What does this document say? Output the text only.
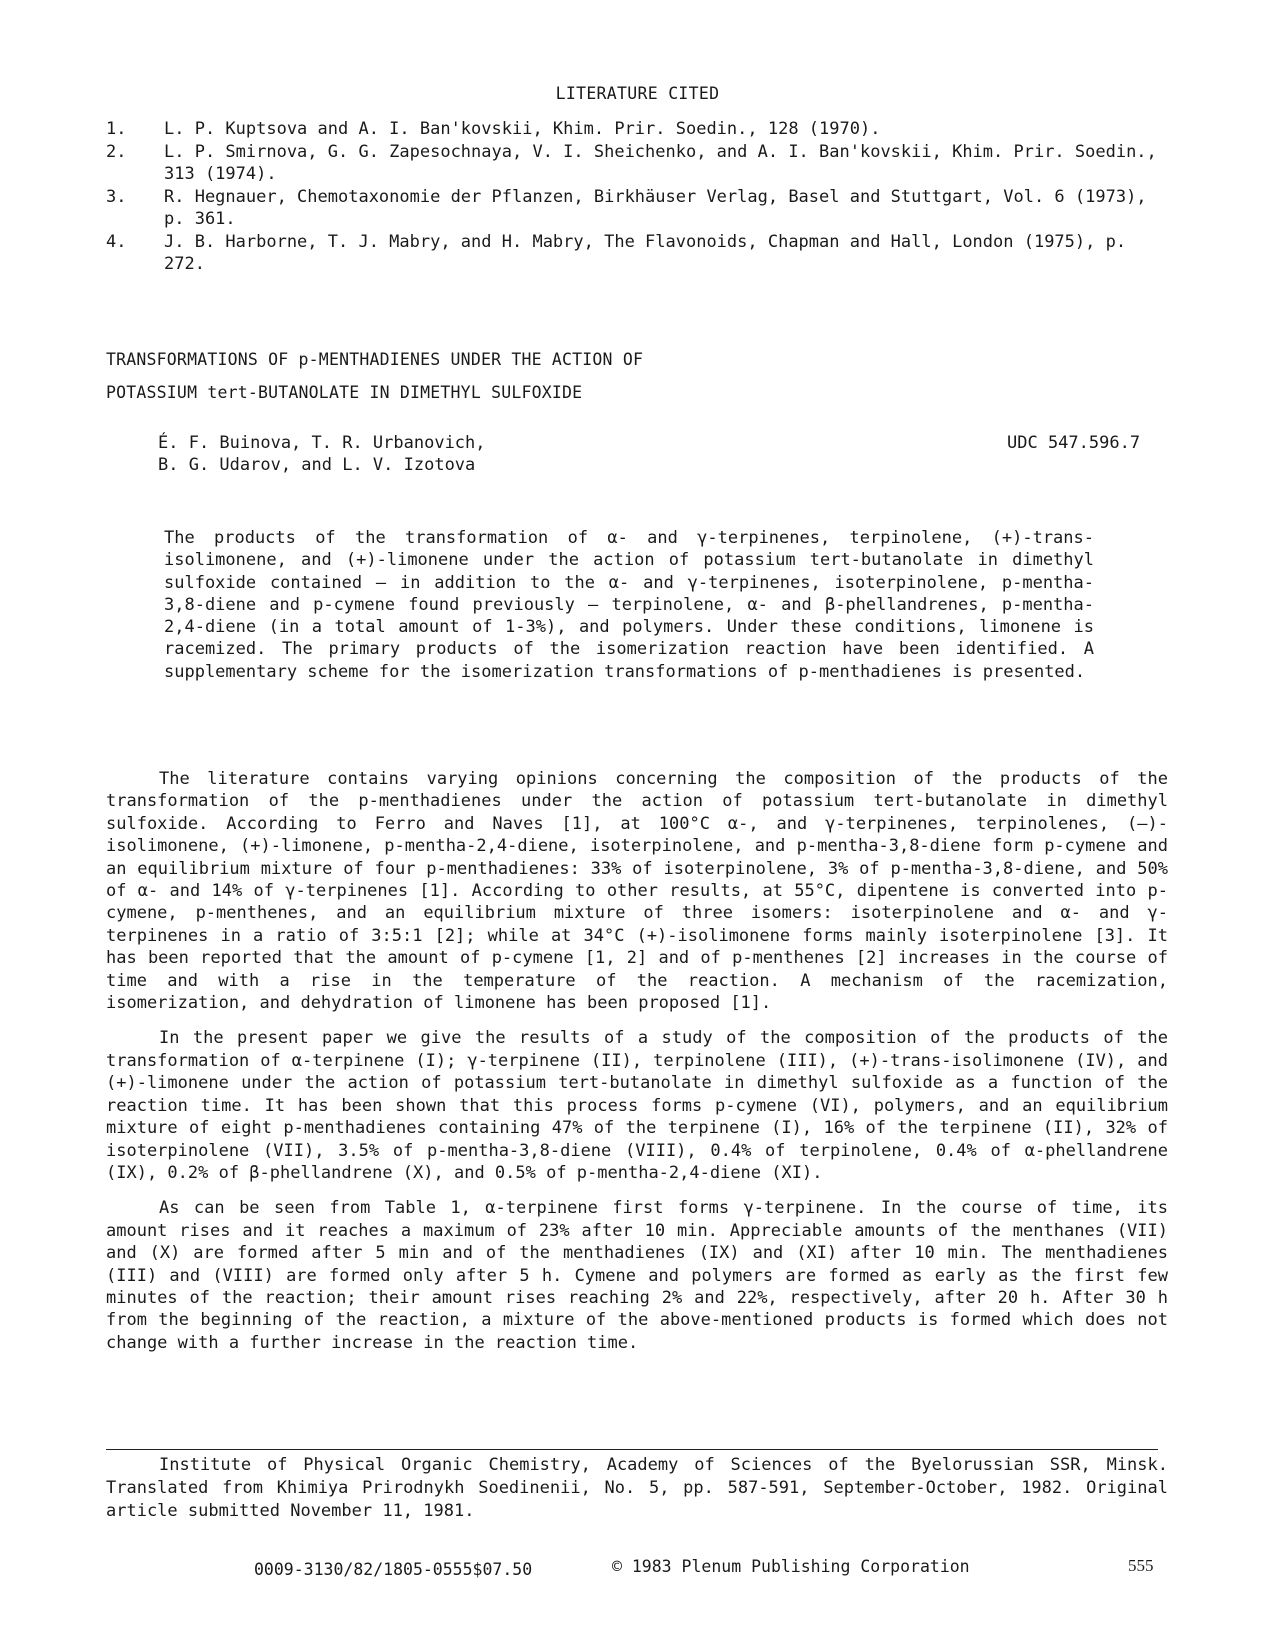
LITERATURE CITED
1. L. P. Kuptsova and A. I. Ban'kovskii, Khim. Prir. Soedin., 128 (1970).
2. L. P. Smirnova, G. G. Zapesochnaya, V. I. Sheichenko, and A. I. Ban'kovskii, Khim. Prir. Soedin., 313 (1974).
3. R. Hegnauer, Chemotaxonomie der Pflanzen, Birkhäuser Verlag, Basel and Stuttgart, Vol. 6 (1973), p. 361.
4. J. B. Harborne, T. J. Mabry, and H. Mabry, The Flavonoids, Chapman and Hall, London (1975), p. 272.
TRANSFORMATIONS OF p-MENTHADIENES UNDER THE ACTION OF
POTASSIUM tert-BUTANOLATE IN DIMETHYL SULFOXIDE
É. F. Buinova, T. R. Urbanovich,
B. G. Udarov, and L. V. Izotova
UDC 547.596.7
The products of the transformation of α- and γ-terpinenes, terpinolene, (+)-trans-isolimonene, and (+)-limonene under the action of potassium tert-butanolate in dimethyl sulfoxide contained — in addition to the α- and γ-terpinenes, isoterpinolene, p-mentha-3,8-diene and p-cymene found previously — terpinolene, α- and β-phellandrenes, p-mentha-2,4-diene (in a total amount of 1-3%), and polymers. Under these conditions, limonene is racemized. The primary products of the isomerization reaction have been identified. A supplementary scheme for the isomerization transformations of p-menthadienes is presented.

The literature contains varying opinions concerning the composition of the products of the transformation of the p-menthadienes under the action of potassium tert-butanolate in dimethyl sulfoxide. According to Ferro and Naves [1], at 100°C α-, and γ-terpinenes, terpinolenes, (—)-isolimonene, (+)-limonene, p-mentha-2,4-diene, isoterpinolene, and p-mentha-3,8-diene form p-cymene and an equilibrium mixture of four p-menthadienes: 33% of isoterpinolene, 3% of p-mentha-3,8-diene, and 50% of α- and 14% of γ-terpinenes [1]. According to other results, at 55°C, dipentene is converted into p-cymene, p-menthenes, and an equilibrium mixture of three isomers: isoterpinolene and α- and γ-terpinenes in a ratio of 3:5:1 [2]; while at 34°C (+)-isolimonene forms mainly isoterpinolene [3]. It has been reported that the amount of p-cymene [1, 2] and of p-menthenes [2] increases in the course of time and with a rise in the temperature of the reaction. A mechanism of the racemization, isomerization, and dehydration of limonene has been proposed [1].

In the present paper we give the results of a study of the composition of the products of the transformation of α-terpinene (I); γ-terpinene (II), terpinolene (III), (+)-trans-isolimonene (IV), and (+)-limonene under the action of potassium tert-butanolate in dimethyl sulfoxide as a function of the reaction time. It has been shown that this process forms p-cymene (VI), polymers, and an equilibrium mixture of eight p-menthadienes containing 47% of the terpinene (I), 16% of the terpinene (II), 32% of isoterpinolene (VII), 3.5% of p-mentha-3,8-diene (VIII), 0.4% of terpinolene, 0.4% of α-phellandrene (IX), 0.2% of β-phellandrene (X), and 0.5% of p-mentha-2,4-diene (XI).

As can be seen from Table 1, α-terpinene first forms γ-terpinene. In the course of time, its amount rises and it reaches a maximum of 23% after 10 min. Appreciable amounts of the menthanes (VII) and (X) are formed after 5 min and of the menthadienes (IX) and (XI) after 10 min. The menthadienes (III) and (VIII) are formed only after 5 h. Cymene and polymers are formed as early as the first few minutes of the reaction; their amount rises reaching 2% and 22%, respectively, after 20 h. After 30 h from the beginning of the reaction, a mixture of the above-mentioned products is formed which does not change with a further increase in the reaction time.

Institute of Physical Organic Chemistry, Academy of Sciences of the Byelorussian SSR, Minsk. Translated from Khimiya Prirodnykh Soedinenii, No. 5, pp. 587-591, September-October, 1982. Original article submitted November 11, 1981.
0009-3130/82/1805-0555$07.50	© 1983 Plenum Publishing Corporation	555
